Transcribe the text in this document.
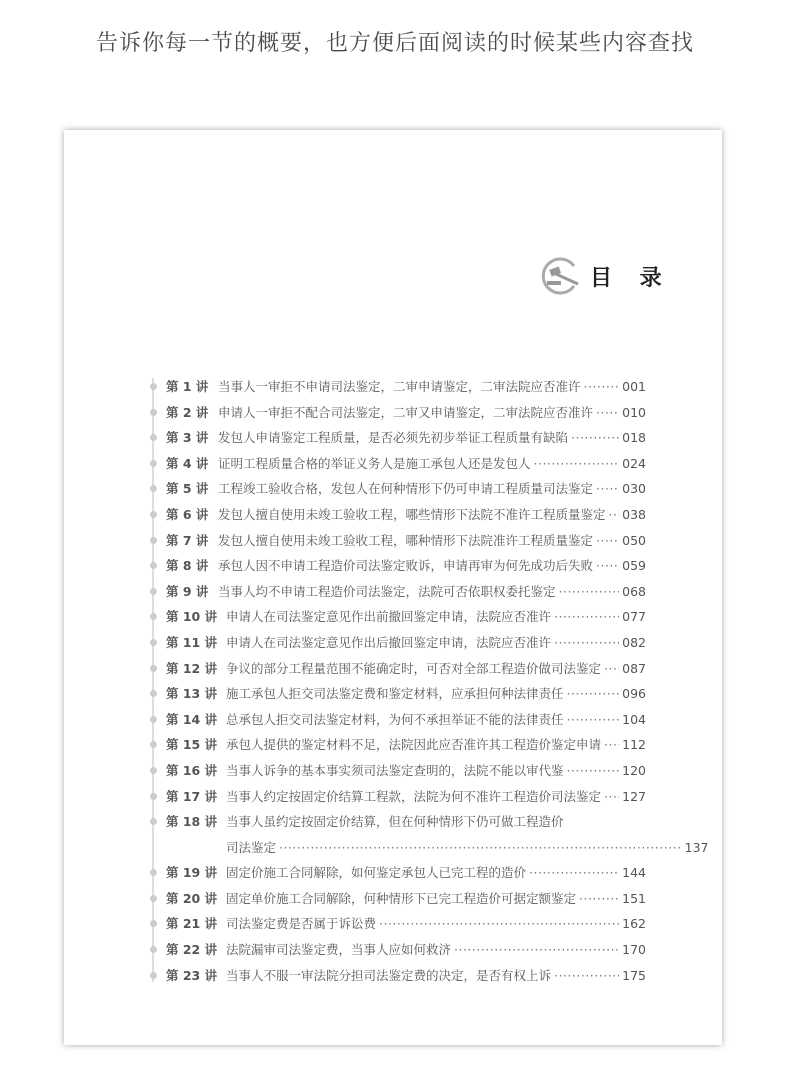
告诉你每一节的概要，也方便后面阅读的时候某些内容查找
目 录
第 1 讲 当事人一审拒不申请司法鉴定，二审申请鉴定，二审法院应否准许 ·····	001
第 2 讲 申请人一审拒不配合司法鉴定，二审又申请鉴定，二审法院应否准许 ····· 010
第 3 讲 发包人申请鉴定工程质量，是否必须先初步举证工程质量有缺陷 ·····	018
第 4 讲 证明工程质量合格的举证义务人是施工承包人还是发包人 ·····	024
第 5 讲 工程竣工验收合格，发包人在何种情形下仍可申请工程质量司法鉴定 ····· 030
第 6 讲 发包人擅自使用未竣工验收工程，哪些情形下法院不准许工程质量鉴定 ····· 038
第 7 讲 发包人擅自使用未竣工验收工程，哪种情形下法院准许工程质量鉴定 ····· 050
第 8 讲 承包人因不申请工程造价司法鉴定败诉，申请再审为何先成功后失败 ····· 059
第 9 讲 当事人均不申请工程造价司法鉴定，法院可否依职权委托鉴定 ·····	068
第 10 讲 申请人在司法鉴定意见作出前撤回鉴定申请，法院应否准许 ·····	077
第 11 讲 申请人在司法鉴定意见作出后撤回鉴定申请，法院应否准许 ·····	082
第 12 讲 争议的部分工程量范围不能确定时，可否对全部工程造价做司法鉴定 ····· 087
第 13 讲 施工承包人拒交司法鉴定费和鉴定材料，应承担何种法律责任 ·····	096
第 14 讲 总承包人拒交司法鉴定材料，为何不承担举证不能的法律责任 ·····	104
第 15 讲 承包人提供的鉴定材料不足，法院因此应否准许其工程造价鉴定申请 ····· 112
第 16 讲 当事人诉争的基本事实须司法鉴定查明的，法院不能以审代鉴 ·····	120
第 17 讲 当事人约定按固定价结算工程款，法院为何不准许工程造价司法鉴定 ····· 127
第 18 讲 当事人虽约定按固定价结算，但在何种情形下仍可做工程造价
司法鉴定 ·····	137
第 19 讲 固定价施工合同解除，如何鉴定承包人已完工程的造价 ·····	144
第 20 讲 固定单价施工合同解除，何种情形下已完工程造价可据定额鉴定 ·····	151
第 21 讲 司法鉴定费是否属于诉讼费 ·····	162
第 22 讲 法院漏审司法鉴定费，当事人应如何救济 ·····	170
第 23 讲 当事人不服一审法院分担司法鉴定费的决定，是否有权上诉 ·····	175
